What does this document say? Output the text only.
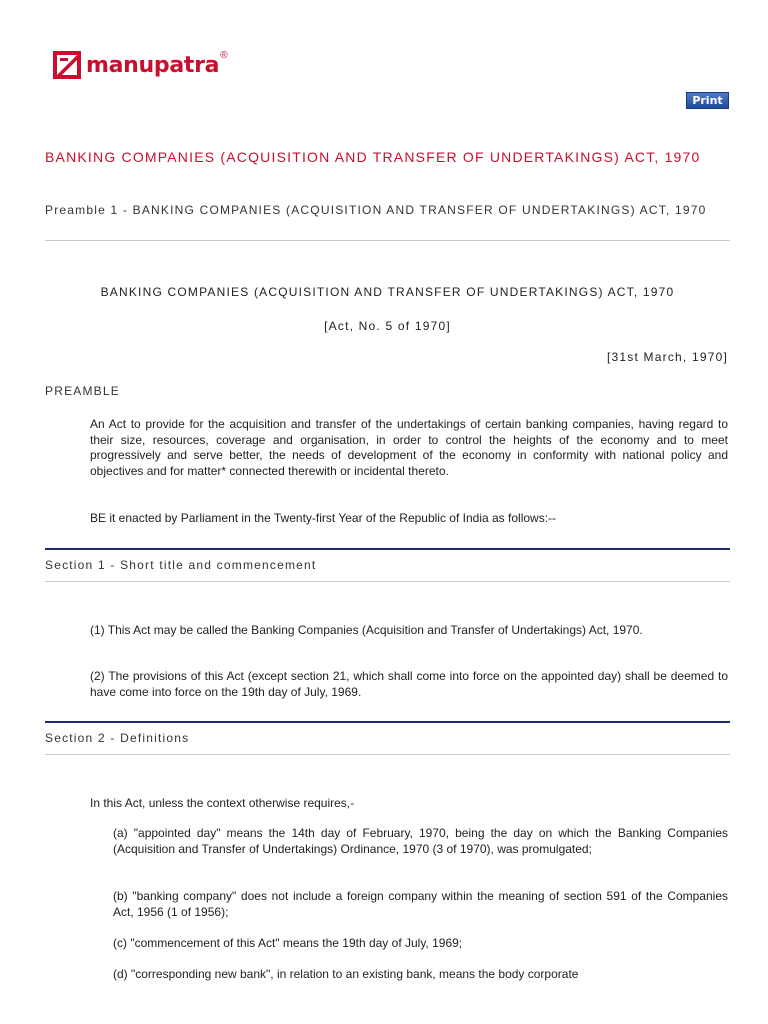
manupatra ®
Print
BANKING COMPANIES (ACQUISITION AND TRANSFER OF UNDERTAKINGS) ACT, 1970
Preamble 1 - BANKING COMPANIES (ACQUISITION AND TRANSFER OF UNDERTAKINGS) ACT, 1970
BANKING COMPANIES (ACQUISITION AND TRANSFER OF UNDERTAKINGS) ACT, 1970
[Act, No. 5 of 1970]
[31st March, 1970]
PREAMBLE
An Act to provide for the acquisition and transfer of the undertakings of certain banking companies, having regard to their size, resources, coverage and organisation, in order to control the heights of the economy and to meet progressively and serve better, the needs of development of the economy in conformity with national policy and objectives and for matter* connected therewith or incidental thereto.
BE it enacted by Parliament in the Twenty-first Year of the Republic of India as follows:--
Section 1 - Short title and commencement
(1) This Act may be called the Banking Companies (Acquisition and Transfer of Undertakings) Act, 1970.
(2) The provisions of this Act (except section 21, which shall come into force on the appointed day) shall be deemed to have come into force on the 19th day of July, 1969.
Section 2 - Definitions
In this Act, unless the context otherwise requires,-
(a) "appointed day" means the 14th day of February, 1970, being the day on which the Banking Companies (Acquisition and Transfer of Undertakings) Ordinance, 1970 (3 of 1970), was promulgated;
(b) "banking company" does not include a foreign company within the meaning of section 591 of the Companies Act, 1956 (1 of 1956);
(c) "commencement of this Act" means the 19th day of July, 1969;
(d) "corresponding new bank", in relation to an existing bank, means the body corporate
